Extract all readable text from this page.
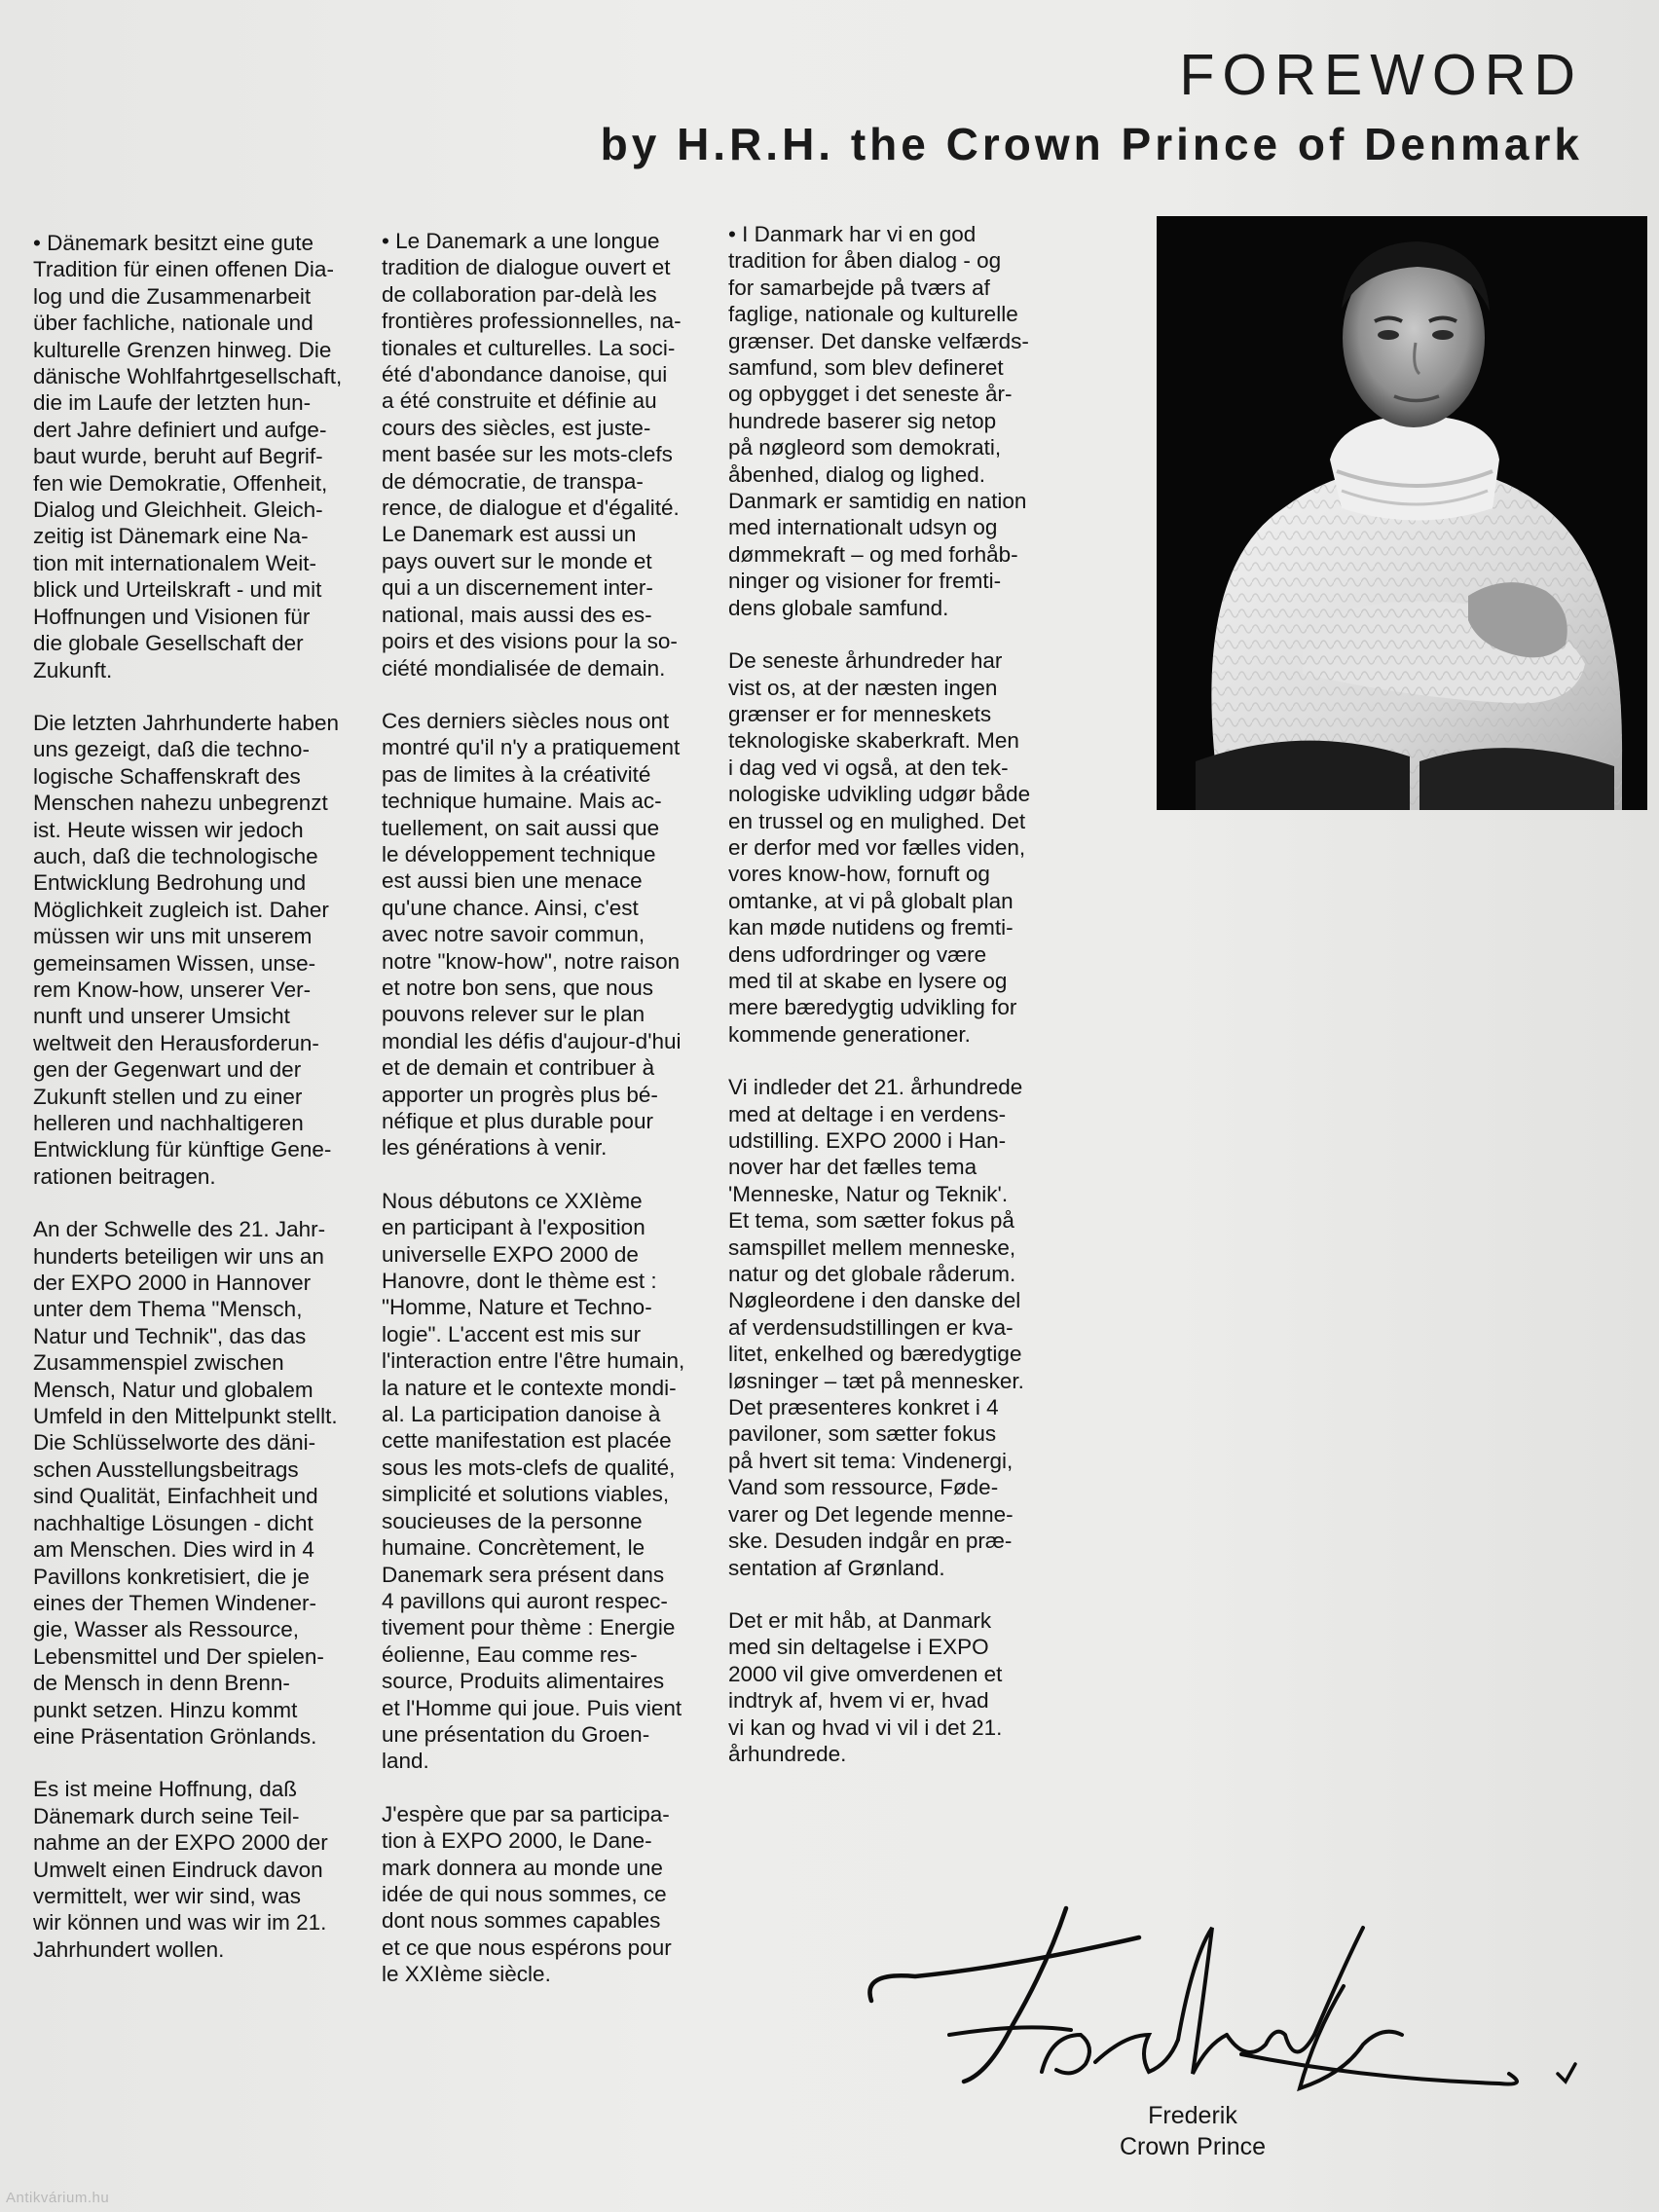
FOREWORD
by H.R.H. the Crown Prince of Denmark

• Dänemark besitzt eine gute
Tradition für einen offenen Dia-
log und die Zusammenarbeit
über fachliche, nationale und
kulturelle Grenzen hinweg. Die
dänische Wohlfahrtgesellschaft,
die im Laufe der letzten hun-
dert Jahre definiert und aufge-
baut wurde, beruht auf Begrif-
fen wie Demokratie, Offenheit,
Dialog und Gleichheit. Gleich-
zeitig ist Dänemark eine Na-
tion mit internationalem Weit-
blick und Urteilskraft - und mit
Hoffnungen und Visionen für
die globale Gesellschaft der
Zukunft.

Die letzten Jahrhunderte haben
uns gezeigt, daß die techno-
logische Schaffenskraft des
Menschen nahezu unbegrenzt
ist. Heute wissen wir jedoch
auch, daß die technologische
Entwicklung Bedrohung und
Möglichkeit zugleich ist. Daher
müssen wir uns mit unserem
gemeinsamen Wissen, unse-
rem Know-how, unserer Ver-
nunft und unserer Umsicht
weltweit den Herausforderun-
gen der Gegenwart und der
Zukunft stellen und zu einer
helleren und nachhaltigeren
Entwicklung für künftige Gene-
rationen beitragen.

An der Schwelle des 21. Jahr-
hunderts beteiligen wir uns an
der EXPO 2000 in Hannover
unter dem Thema "Mensch,
Natur und Technik", das das
Zusammenspiel zwischen
Mensch, Natur und globalem
Umfeld in den Mittelpunkt stellt.
Die Schlüsselworte des däni-
schen Ausstellungsbeitrags
sind Qualität, Einfachheit und
nachhaltige Lösungen - dicht
am Menschen. Dies wird in 4
Pavillons konkretisiert, die je
eines der Themen Windener-
gie, Wasser als Ressource,
Lebensmittel und Der spielen-
de Mensch in denn Brenn-
punkt setzen. Hinzu kommt
eine Präsentation Grönlands.

Es ist meine Hoffnung, daß
Dänemark durch seine Teil-
nahme an der EXPO 2000 der
Umwelt einen Eindruck davon
vermittelt, wer wir sind, was
wir können und was wir im 21.
Jahrhundert wollen.

• Le Danemark a une longue
tradition de dialogue ouvert et
de collaboration par-delà les
frontières professionnelles, na-
tionales et culturelles. La soci-
été d'abondance danoise, qui
a été construite et définie au
cours des siècles, est juste-
ment basée sur les mots-clefs
de démocratie, de transpa-
rence, de dialogue et d'égalité.
Le Danemark est aussi un
pays ouvert sur le monde et
qui a un discernement inter-
national, mais aussi des es-
poirs et des visions pour la so-
ciété mondialisée de demain.

Ces derniers siècles nous ont
montré qu'il n'y a pratiquement
pas de limites à la créativité
technique humaine. Mais ac-
tuellement, on sait aussi que
le développement technique
est aussi bien une menace
qu'une chance. Ainsi, c'est
avec notre savoir commun,
notre "know-how", notre raison
et notre bon sens, que nous
pouvons relever sur le plan
mondial les défis d'aujour-d'hui
et de demain et contribuer à
apporter un progrès plus bé-
néfique et plus durable pour
les générations à venir.

Nous débutons ce XXIème
en participant à l'exposition
universelle EXPO 2000 de
Hanovre, dont le thème est :
"Homme, Nature et Techno-
logie". L'accent est mis sur
l'interaction entre l'être humain,
la nature et le contexte mondi-
al. La participation danoise à
cette manifestation est placée
sous les mots-clefs de qualité,
simplicité et solutions viables,
soucieuses de la personne
humaine. Concrètement, le
Danemark sera présent dans
4 pavillons qui auront respec-
tivement pour thème : Energie
éolienne, Eau comme res-
source, Produits alimentaires
et l'Homme qui joue. Puis vient
une présentation du Groen-
land.

J'espère que par sa participa-
tion à EXPO 2000, le Dane-
mark donnera au monde une
idée de qui nous sommes, ce
dont nous sommes capables
et ce que nous espérons pour
le XXIème siècle.

• I Danmark har vi en god
tradition for åben dialog - og
for samarbejde på tværs af
faglige, nationale og kulturelle
grænser. Det danske velfærds-
samfund, som blev defineret
og opbygget i det seneste år-
hundrede baserer sig netop
på nøgleord som demokrati,
åbenhed, dialog og lighed.
Danmark er samtidig en nation
med internationalt udsyn og
dømmekraft – og med forhåb-
ninger og visioner for fremti-
dens globale samfund.

De seneste århundreder har
vist os, at der næsten ingen
grænser er for menneskets
teknologiske skaberkraft. Men
i dag ved vi også, at den tek-
nologiske udvikling udgør både
en trussel og en mulighed. Det
er derfor med vor fælles viden,
vores know-how, fornuft og
omtanke, at vi på globalt plan
kan møde nutidens og fremti-
dens udfordringer og være
med til at skabe en lysere og
mere bæredygtig udvikling for
kommende generationer.

Vi indleder det 21. århundrede
med at deltage i en verdens-
udstilling. EXPO 2000 i Han-
nover har det fælles tema
'Menneske, Natur og Teknik'.
Et tema, som sætter fokus på
samspillet mellem menneske,
natur og det globale råderum.
Nøgleordene i den danske del
af verdensudstillingen er kva-
litet, enkelhed og bæredygtige
løsninger – tæt på mennesker.
Det præsenteres konkret i 4
paviloner, som sætter fokus
på hvert sit tema: Vindenergi,
Vand som ressource, Føde-
varer og Det legende menne-
ske. Desuden indgår en præ-
sentation af Grønland.

Det er mit håb, at Danmark
med sin deltagelse i EXPO
2000 vil give omverdenen et
indtryk af, hvem vi er, hvad
vi kan og hvad vi vil i det 21.
århundrede.

Frederik
Crown Prince
Antikvárium.hu
